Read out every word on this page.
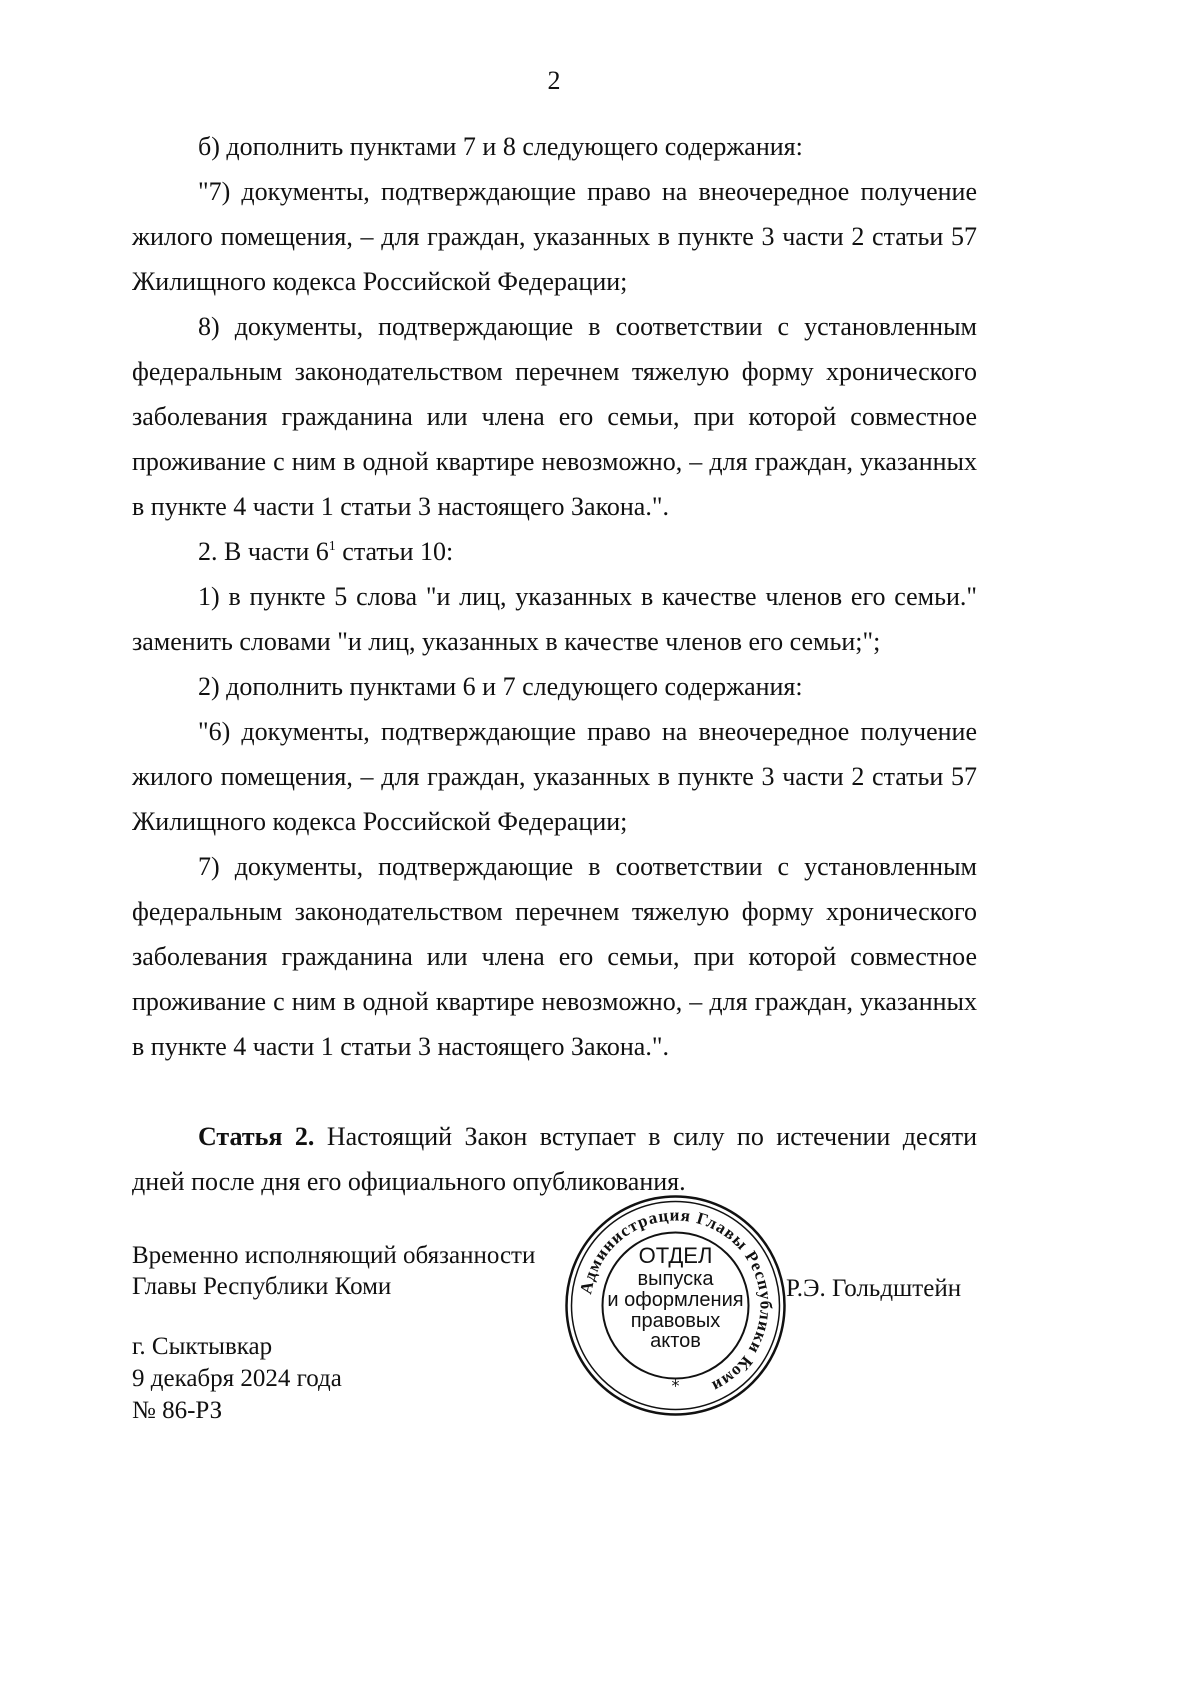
2

б) дополнить пунктами 7 и 8 следующего содержания:

"7) документы, подтверждающие право на внеочередное получение жилого помещения, – для граждан, указанных в пункте 3 части 2 статьи 57 Жилищного кодекса Российской Федерации;

8) документы, подтверждающие в соответствии с установленным федеральным законодательством перечнем тяжелую форму хронического заболевания гражданина или члена его семьи, при которой совместное проживание с ним в одной квартире невозможно, – для граждан, указанных в пункте 4 части 1 статьи 3 настоящего Закона.".

2. В части $6^1$ статьи 10:

1) в пункте 5 слова "и лиц, указанных в качестве членов его семьи." заменить словами "и лиц, указанных в качестве членов его семьи;";

2) дополнить пунктами 6 и 7 следующего содержания:

"6) документы, подтверждающие право на внеочередное получение жилого помещения, – для граждан, указанных в пункте 3 части 2 статьи 57 Жилищного кодекса Российской Федерации;

7) документы, подтверждающие в соответствии с установленным федеральным законодательством перечнем тяжелую форму хронического заболевания гражданина или члена его семьи, при которой совместное проживание с ним в одной квартире невозможно, – для граждан, указанных в пункте 4 части 1 статьи 3 настоящего Закона.".

Статья 2. Настоящий Закон вступает в силу по истечении десяти дней после дня его официального опубликования.

Временно исполняющий обязанности
Главы Республики Коми	Администрация Главы Республики Коми
ОТДЕЛ
выпуска
и оформления
правовых
актов
*
Р.Э. Гольдштейн
г. Сыктывкар
9 декабря 2024 года
№ 86-РЗ
